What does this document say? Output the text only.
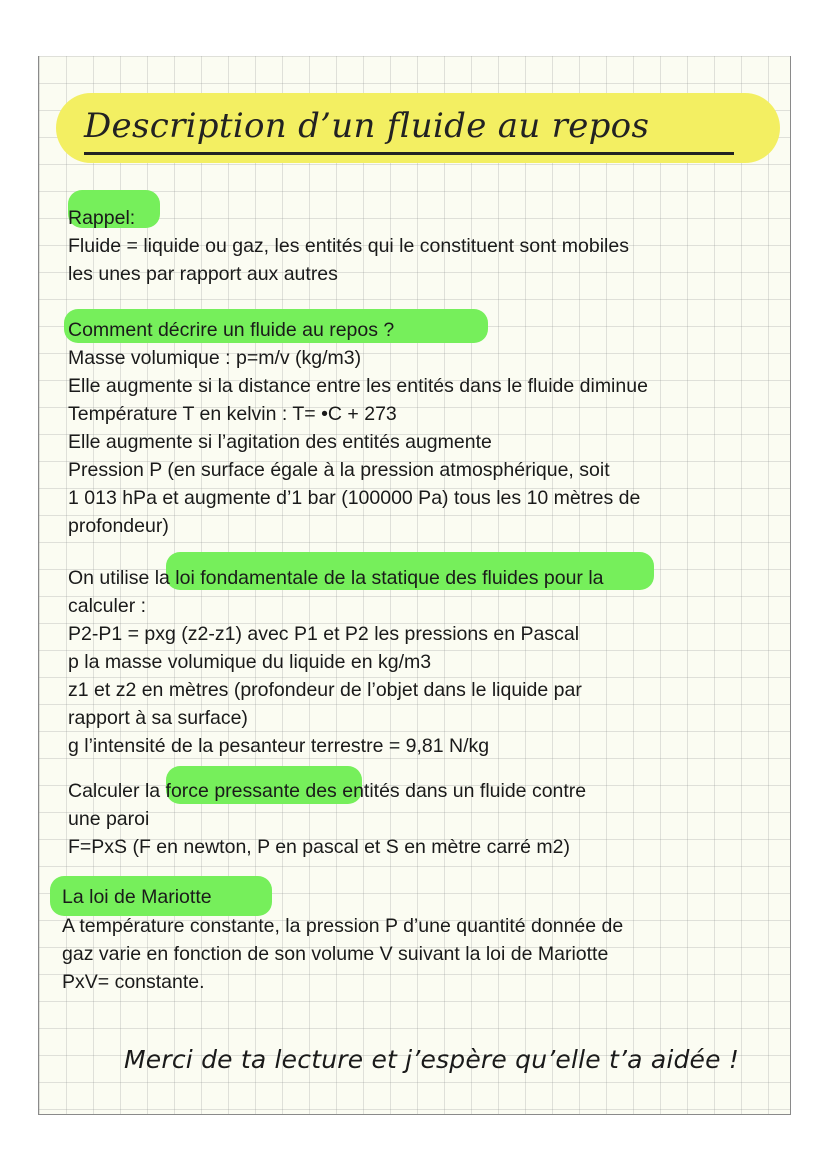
Description d’un fluide au repos
Rappel:
Fluide = liquide ou gaz, les entités qui le constituent sont mobiles
les unes par rapport aux autres
Comment décrire un fluide au repos ?
Masse volumique : p=m/v (kg/m3)
Elle augmente si la distance entre les entités dans le fluide diminue
Température T en kelvin : T= •C + 273
Elle augmente si l’agitation des entités augmente
Pression P (en surface égale à la pression atmosphérique, soit
1 013 hPa et augmente d’1 bar (100000 Pa) tous les 10 mètres de
profondeur)
On utilise la loi fondamentale de la statique des fluides pour la
calculer :
P2-P1 = pxg (z2-z1) avec P1 et P2 les pressions en Pascal
p la masse volumique du liquide en kg/m3
z1 et z2 en mètres (profondeur de l’objet dans le liquide par
rapport à sa surface)
g l’intensité de la pesanteur terrestre = 9,81 N/kg
Calculer la force pressante des entités dans un fluide contre
une paroi
F=PxS (F en newton, P en pascal et S en mètre carré m2)
La loi de Mariotte
A température constante, la pression P d’une quantité donnée de
gaz varie en fonction de son volume V suivant la loi de Mariotte
PxV= constante.
Merci de ta lecture et j’espère qu’elle t’a aidée !
